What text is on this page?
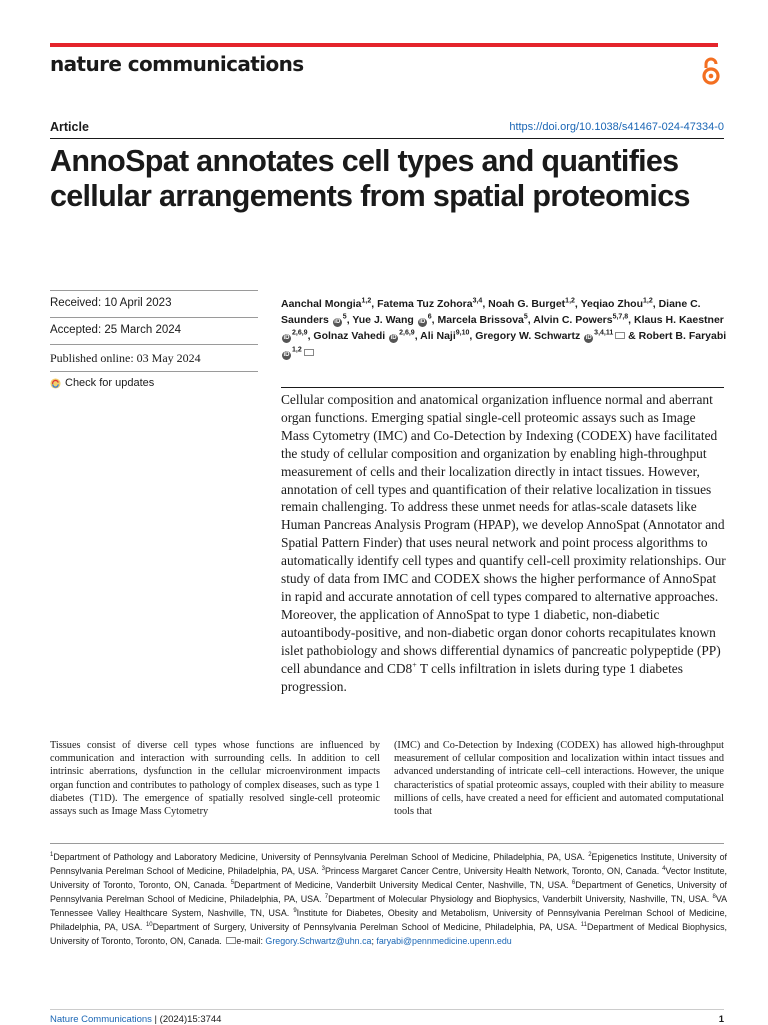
nature communications
Article	https://doi.org/10.1038/s41467-024-47334-0
AnnoSpat annotates cell types and quantifies cellular arrangements from spatial proteomics
Received: 10 April 2023
Accepted: 25 March 2024
Published online: 03 May 2024
Check for updates
Aanchal Mongia$^{1,2}$, Fatema Tuz Zohora$^{3,4}$, Noah G. Burget$^{1,2}$, Yeqiao Zhou$^{1,2}$, Diane C. Saunders $iD^5$, Yue J. Wang $iD^6$, Marcela Brissova$^5$, Alvin C. Powers$^{5,7,8}$, Klaus H. Kaestner iD$^{2,6,9}$, Golnaz Vahedi iD$^{2,6,9}$, Ali Naji$^{9,10}$, Gregory W. Schwartz iD$^{3,4,11}$ & Robert B. Faryabi iD$^{1,2}$

Cellular composition and anatomical organization influence normal and aberrant organ functions. Emerging spatial single-cell proteomic assays such as Image Mass Cytometry (IMC) and Co-Detection by Indexing (CODEX) have facilitated the study of cellular composition and organization by enabling high-throughput measurement of cells and their localization directly in intact tissues. However, annotation of cell types and quantification of their relative localization in tissues remain challenging. To address these unmet needs for atlas-scale datasets like Human Pancreas Analysis Program (HPAP), we develop AnnoSpat (Annotator and Spatial Pattern Finder) that uses neural network and point process algorithms to automatically identify cell types and quantify cell-cell proximity relationships. Our study of data from IMC and CODEX shows the higher performance of AnnoSpat in rapid and accurate annotation of cell types compared to alternative approaches. Moreover, the application of AnnoSpat to type 1 diabetic, non-diabetic autoantibody-positive, and non-diabetic organ donor cohorts recapitulates known islet pathobiology and shows differential dynamics of pancreatic polypeptide (PP) cell abundance and CD8+ T cells infiltration in islets during type 1 diabetes progression.

Tissues consist of diverse cell types whose functions are influenced by communication and interaction with surrounding cells. In addition to cell intrinsic aberrations, dysfunction in the cellular microenvironment impacts organ function and contributes to pathology of complex diseases, such as type 1 diabetes (T1D). The emergence of spatially resolved single-cell proteomic assays such as Image Mass Cytometry

(IMC) and Co-Detection by Indexing (CODEX) has allowed high-throughput measurement of cellular composition and localization within intact tissues and advanced understanding of intricate cell–cell interactions. However, the unique characteristics of spatial proteomic assays, coupled with their ability to measure millions of cells, have created a need for efficient and automated computational tools that

$^1$Department of Pathology and Laboratory Medicine, University of Pennsylvania Perelman School of Medicine, Philadelphia, PA, USA. $^2$Epigenetics Institute, University of Pennsylvania Perelman School of Medicine, Philadelphia, PA, USA. $^3$Princess Margaret Cancer Centre, University Health Network, Toronto, ON, Canada. $^4$Vector Institute, University of Toronto, Toronto, ON, Canada. $^5$Department of Medicine, Vanderbilt University Medical Center, Nashville, TN, USA. $^6$Department of Genetics, University of Pennsylvania Perelman School of Medicine, Philadelphia, PA, USA. $^7$Department of Molecular Physiology and Biophysics, Vanderbilt University, Nashville, TN, USA. $^8$VA Tennessee Valley Healthcare System, Nashville, TN, USA. $^9$Institute for Diabetes, Obesity and Metabolism, University of Pennsylvania Perelman School of Medicine, Philadelphia, PA, USA. $^{10}$Department of Surgery, University of Pennsylvania Perelman School of Medicine, Philadelphia, PA, USA. $^{11}$Department of Medical Biophysics, University of Toronto, Toronto, ON, Canada. e-mail: Gregory.Schwartz@uhn.ca; faryabi@pennmedicine.upenn.edu

Nature Communications | (2024)15:3744	1
